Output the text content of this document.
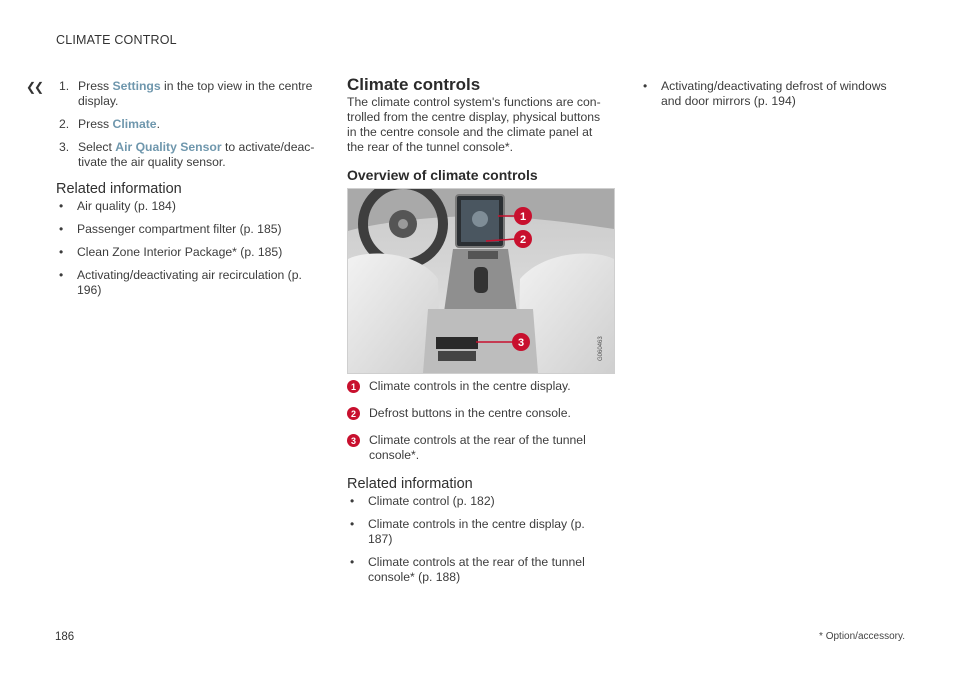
CLIMATE CONTROL
❮❮ 1. Press Settings in the top view in the centre display.
2. Press Climate.
3. Select Air Quality Sensor to activate/deac-tivate the air quality sensor.
Related information
• Air quality (p. 184)
• Passenger compartment filter (p. 185)
• Clean Zone Interior Package* (p. 185)
• Activating/deactivating air recirculation (p. 196)
Climate controls
The climate control system's functions are con-trolled from the centre display, physical buttons in the centre console and the climate panel at the rear of the tunnel console*.
Overview of climate controls
G060463
1
2
3
1 Climate controls in the centre display.
2 Defrost buttons in the centre console.
3 Climate controls at the rear of the tunnel console*.
Related information
• Climate control (p. 182)
• Climate controls in the centre display (p. 187)
• Climate controls at the rear of the tunnel console* (p. 188)
• Activating/deactivating defrost of windows and door mirrors (p. 194)
186	* Option/accessory.
